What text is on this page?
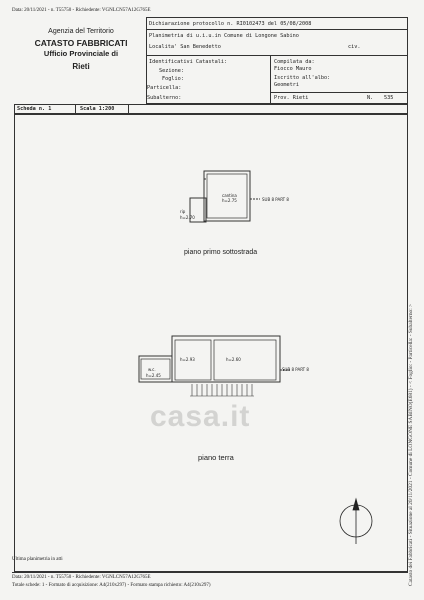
Data: 20/11/2021 - n. T55750 - Richiedente: VGNLCN57A12G765E
Agenzia del Territorio
CATASTO FABBRICATI
Ufficio Provinciale di
Rieti
Dichiarazione protocollo n. RI0102473 del 05/08/2008
Planimetria di u.i.u.in Comune di Longone Sabino
Localita' San Benedetto	civ.
Identificativi Catastali:
Sezione:
Foglio:
Particella:
Subalterno:
Compilata da:
Fiocco Mauro
Iscritto all'albo:
Geometri
Prov. Rieti	N. 535
Scheda n. 1	Scala 1:200
cantina
h=2.75
rip
h=2.70
SUB 8 PART 8
piano primo sottostrada
h=2.93	h=2.60
w.c.
h=2.45
SUB 8 PART 8
piano terra
casa.it
Ultima planimetria in atti
Data: 20/11/2021 - n. T55750 - Richiedente: VGNLCN57A12G765E
Totale schede: 1 - Formato di acquisizione: A4(210x297) - Formato stampa richiesto: A4(210x297)	Catasto dei Fabbricati - Situazione al 20/11/2021 - Comune di LONGONE SABINO(E681) - < Foglio: - Particella: - Subalterno: >
